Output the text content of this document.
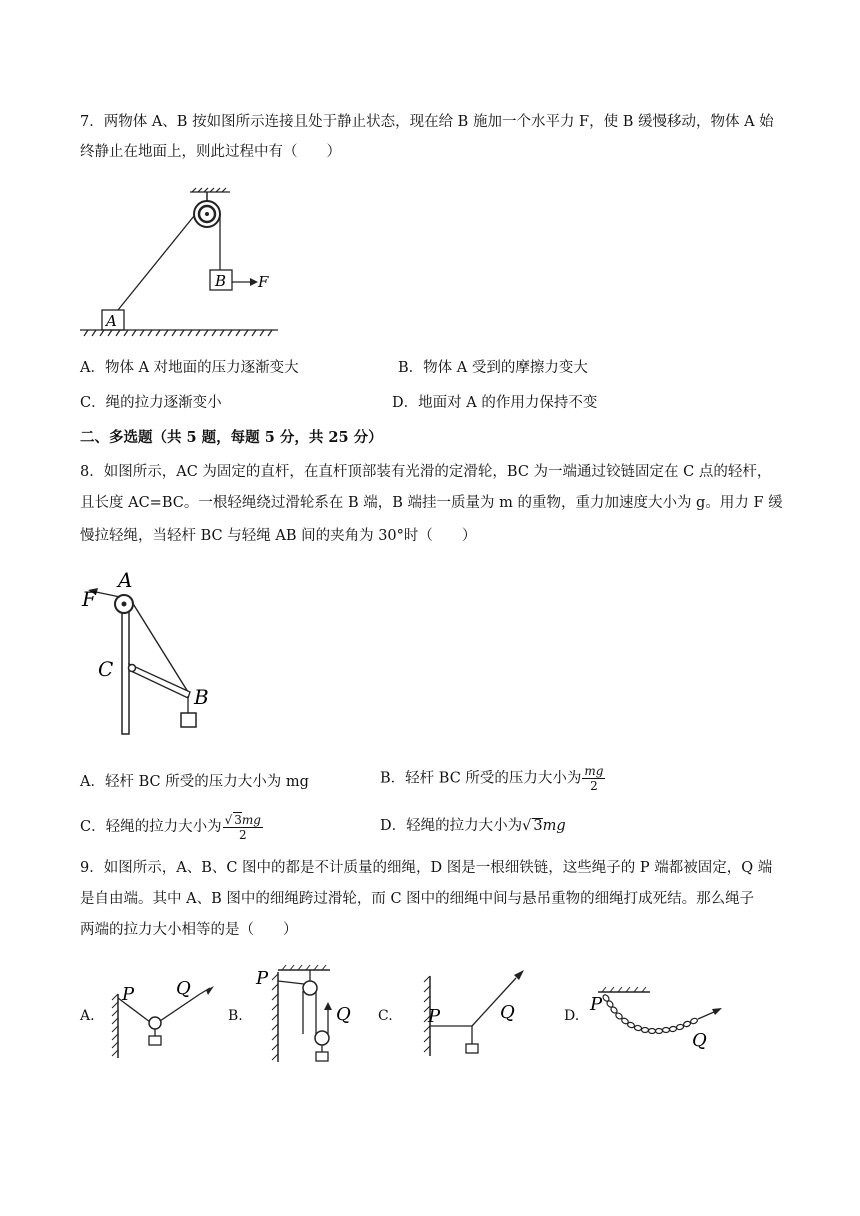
7．两物体 A、B 按如图所示连接且处于静止状态，现在给 B 施加一个水平力 F，使 B 缓慢移动，物体 A 始
终静止在地面上，则此过程中有（　　）
B F
A
A．物体 A 对地面的压力逐渐变大	B．物体 A 受到的摩擦力变大
C．绳的拉力逐渐变小	D．地面对 A 的作用力保持不变
二、多选题（共 5 题，每题 5 分，共 25 分）
8．如图所示，AC 为固定的直杆，在直杆顶部装有光滑的定滑轮，BC 为一端通过铰链固定在 C 点的轻杆，
且长度 AC=BC。一根轻绳绕过滑轮系在 B 端，B 端挂一质量为 m 的重物，重力加速度大小为 g。用力 F 缓
慢拉轻绳，当轻杆 BC 与轻绳 AB 间的夹角为 30°时（　　）
F
A
C
B
A．轻杆 BC 所受的压力大小为 mg	B．轻杆 BC 所受的压力大小为 $\frac{mg}{2}$
C．轻绳的拉力大小为 $\frac{√ 3mg}{2}$	D．轻绳的拉力大小为√ 3mg
9．如图所示，A、B、C 图中的都是不计质量的细绳，D 图是一根细铁链，这些绳子的 P 端都被固定，Q 端
是自由端。其中 A、B 图中的细绳跨过滑轮，而 C 图中的细绳中间与悬吊重物的细绳打成死结。那么绳子
两端的拉力大小相等的是（　　）
A.
P Q
B.
P
Q C. P	Q	D.
P
Q
